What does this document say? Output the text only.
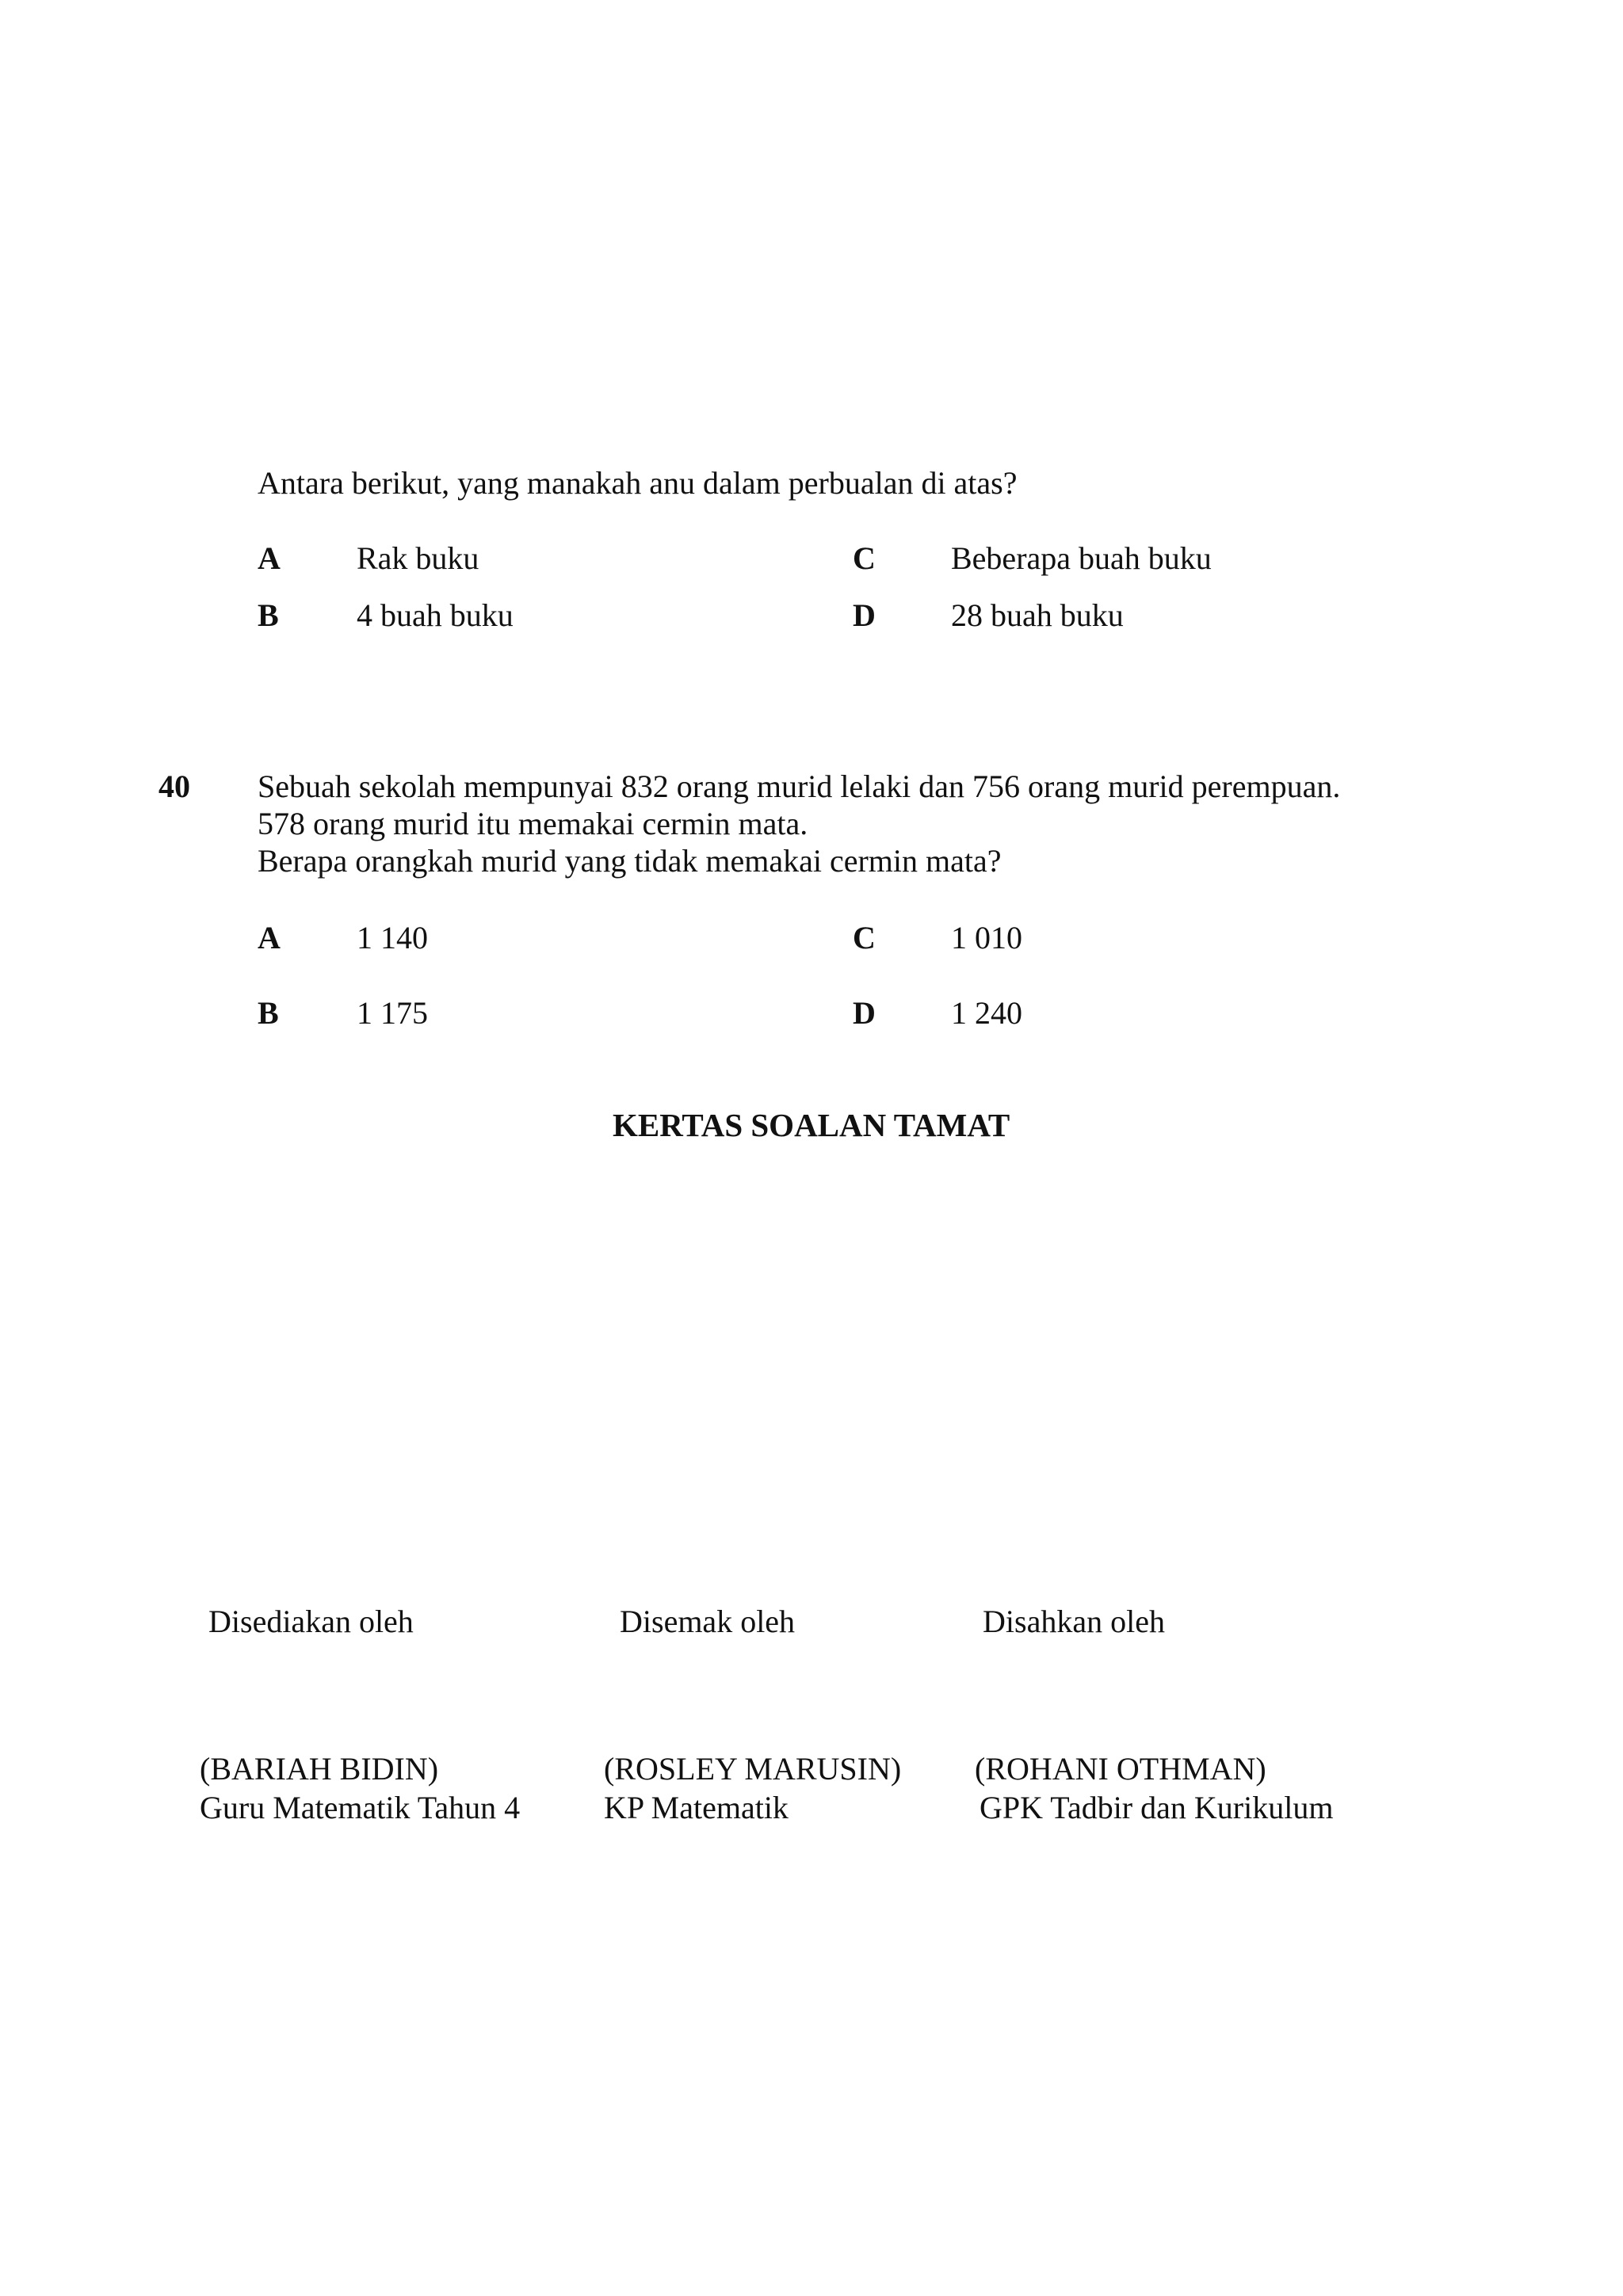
Antara berikut, yang manakah anu dalam perbualan di atas?
A Rak buku
B 4 buah buku
C Beberapa buah buku
D 28 buah buku
40 Sebuah sekolah mempunyai 832 orang murid lelaki dan 756 orang murid perempuan.
578 orang murid itu memakai cermin mata.
Berapa orangkah murid yang tidak memakai cermin mata?
A 1 140
B 1 175
C 1 010
D 1 240
KERTAS SOALAN TAMAT
Disediakan oleh	Disemak oleh	Disahkan oleh
(BARIAH BIDIN)	(ROSLEY MARUSIN) (ROHANI OTHMAN)
Guru Matematik Tahun 4	KP Matematik	GPK Tadbir dan Kurikulum
